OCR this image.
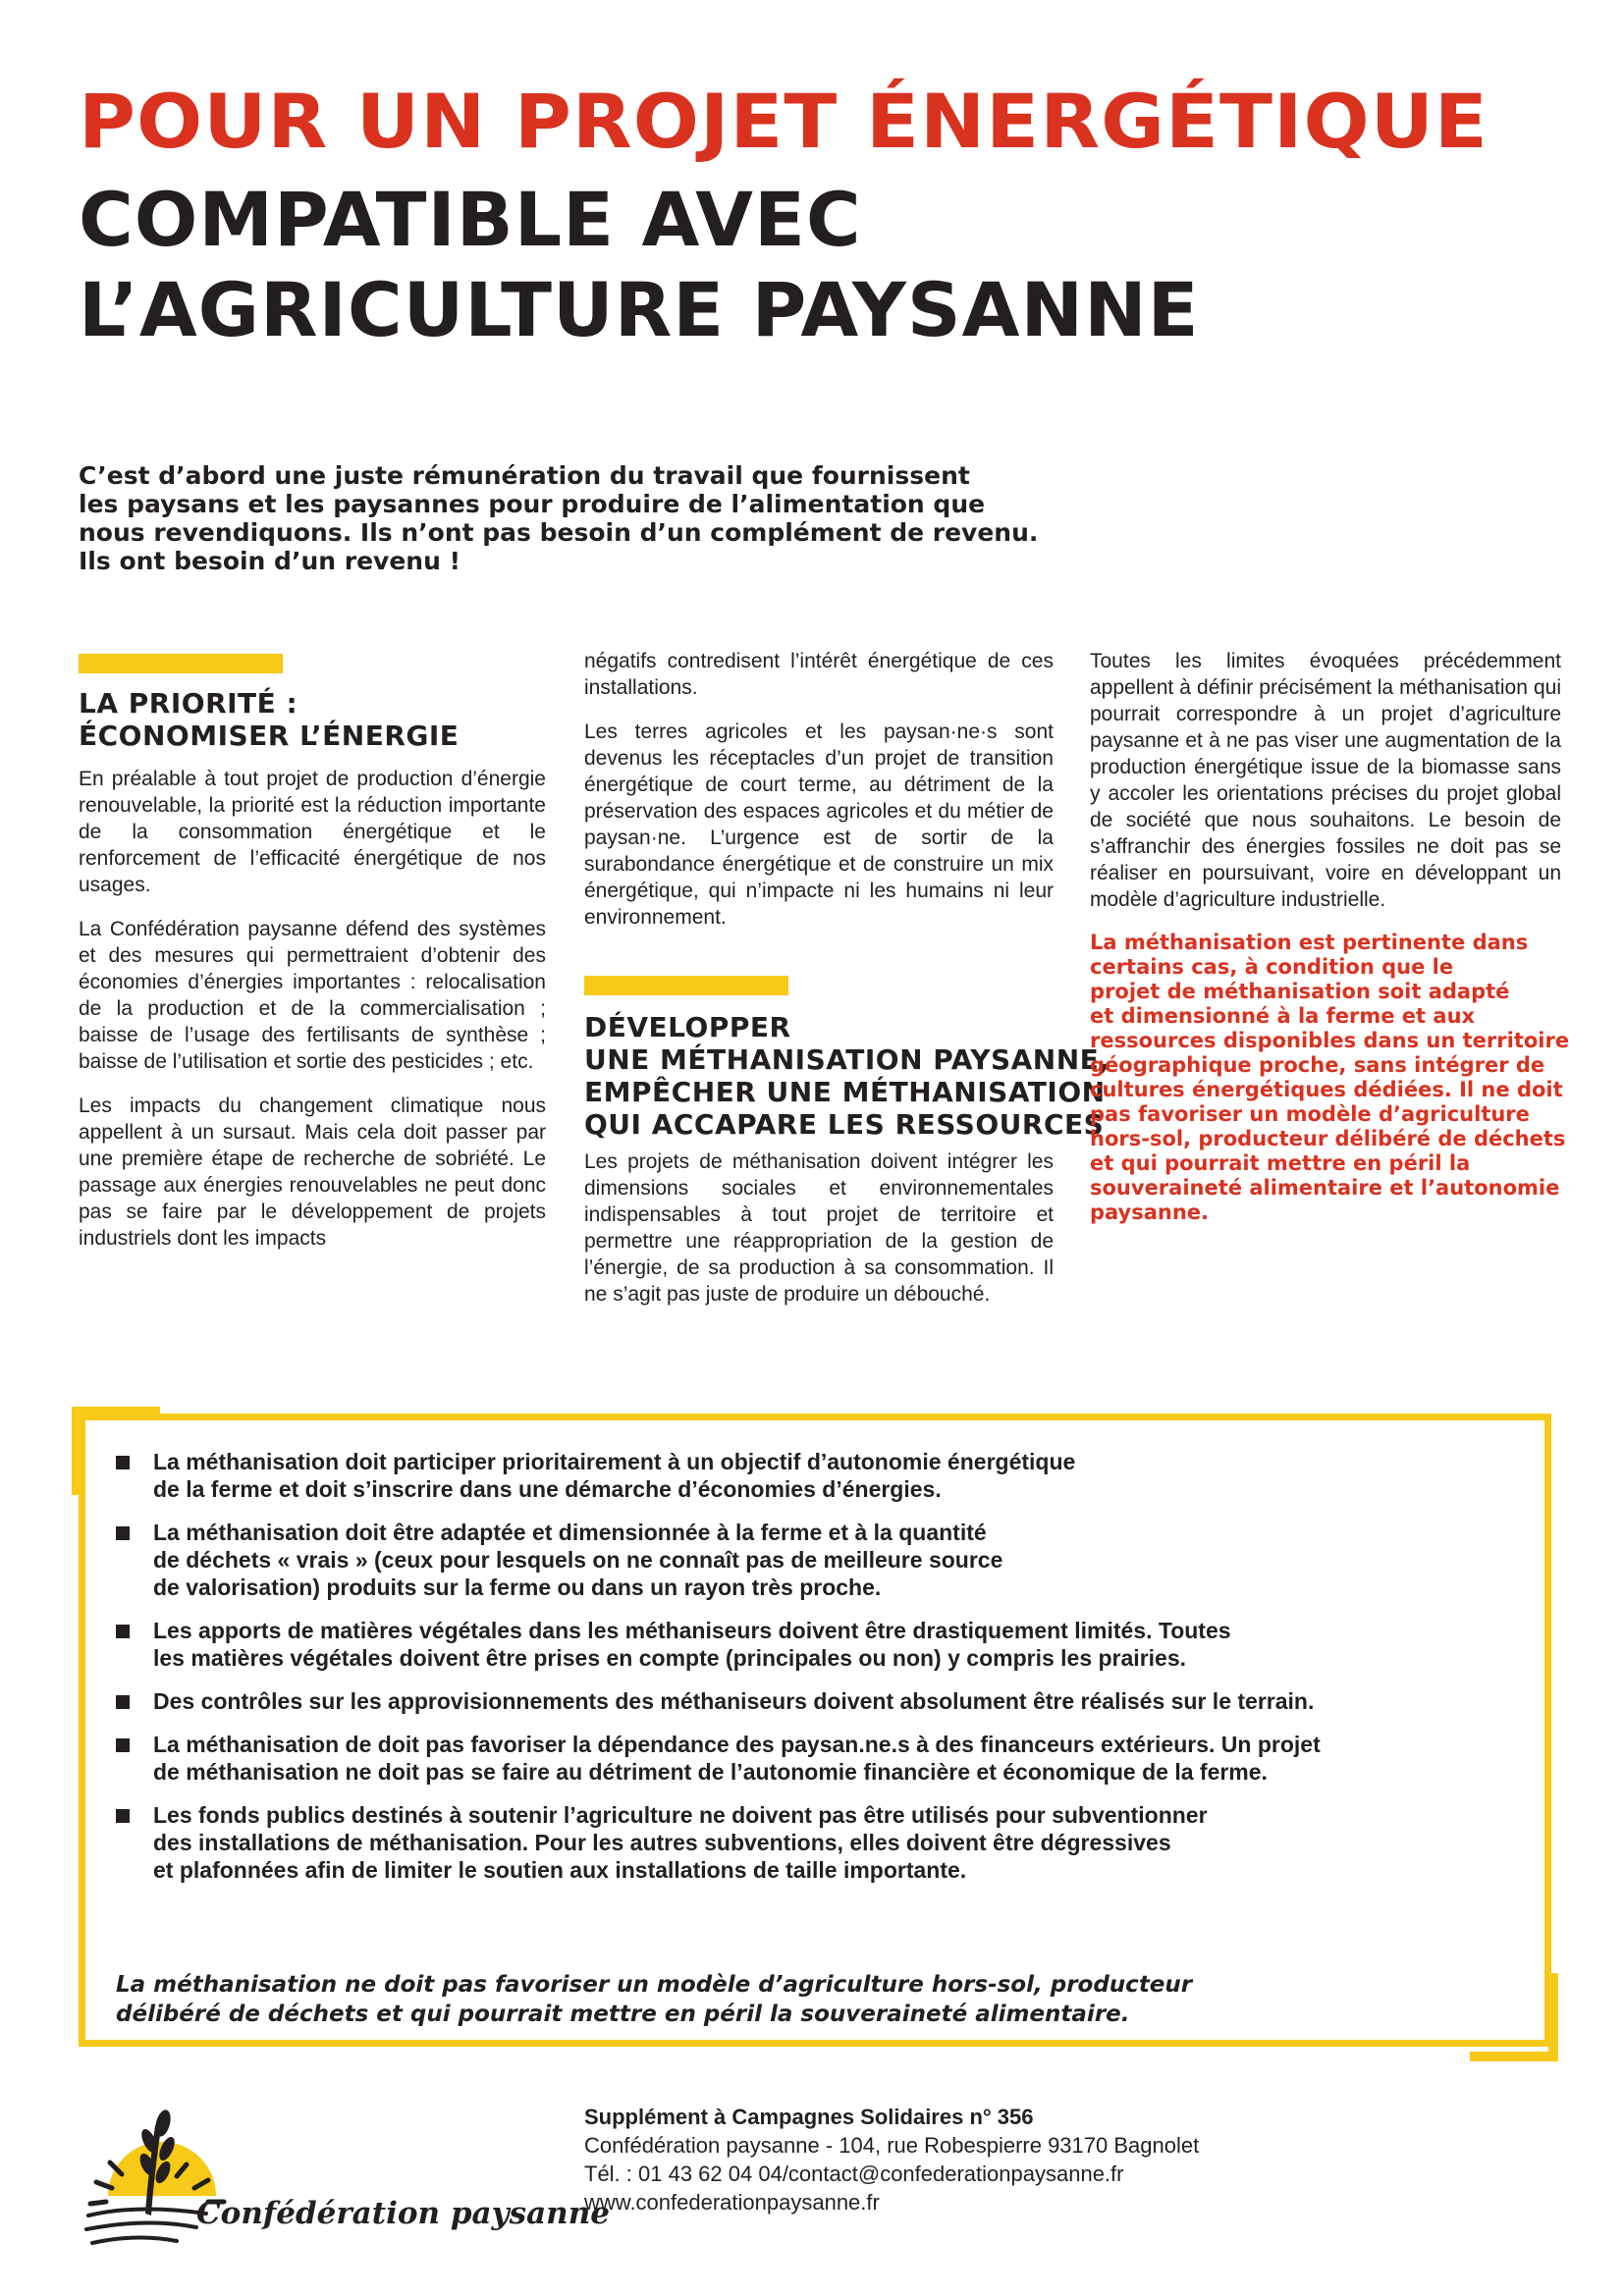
POUR UN PROJET ÉNERGÉTIQUE
COMPATIBLE AVEC
L’AGRICULTURE PAYSANNE
C’est d’abord une juste rémunération du travail que fournissent
les paysans et les paysannes pour produire de l’alimentation que
nous revendiquons. Ils n’ont pas besoin d’un complément de revenu.
Ils ont besoin d’un revenu !
LA PRIORITÉ :
ÉCONOMISER L’ÉNERGIE

En préalable à tout projet de production d’énergie renouvelable, la priorité est la réduction importante de la consommation énergétique et le renforcement de l’efficacité énergétique de nos usages.

La Confédération paysanne défend des systèmes et des mesures qui permettraient d’obtenir des économies d’énergies importantes : relocalisation de la production et de la commercialisation ; baisse de l’usage des fertilisants de synthèse ; baisse de l’utilisation et sortie des pesticides ; etc.

Les impacts du changement climatique nous appellent à un sursaut. Mais cela doit passer par une première étape de recherche de sobriété. Le passage aux énergies renouvelables ne peut donc pas se faire par le développement de projets industriels dont les impacts

négatifs contredisent l’intérêt énergétique de ces installations.

Les terres agricoles et les paysan·ne·s sont devenus les réceptacles d’un projet de transition énergétique de court terme, au détriment de la préservation des espaces agricoles et du métier de paysan·ne. L’urgence est de sortir de la surabondance énergétique et de construire un mix énergétique, qui n’impacte ni les humains ni leur environnement.

DÉVELOPPER
UNE MÉTHANISATION PAYSANNE,
EMPÊCHER UNE MÉTHANISATION
QUI ACCAPARE LES RESSOURCES

Les projets de méthanisation doivent intégrer les dimensions sociales et environnementales indispensables à tout projet de territoire et permettre une réappropriation de la gestion de l’énergie, de sa production à sa consommation. Il ne s’agit pas juste de produire un débouché.

Toutes les limites évoquées précédemment appellent à définir précisément la méthanisation qui pourrait correspondre à un projet d’agriculture paysanne et à ne pas viser une augmentation de la production énergétique issue de la biomasse sans y accoler les orientations précises du projet global de société que nous souhaitons. Le besoin de s’affranchir des énergies fossiles ne doit pas se réaliser en poursuivant, voire en développant un modèle d’agriculture industrielle.

La méthanisation est pertinente dans
certains cas, à condition que le
projet de méthanisation soit adapté
et dimensionné à la ferme et aux
ressources disponibles dans un territoire
géographique proche, sans intégrer de
cultures énergétiques dédiées. Il ne doit
pas favoriser un modèle d’agriculture
hors-sol, producteur délibéré de déchets
et qui pourrait mettre en péril la
souveraineté alimentaire et l’autonomie
paysanne.
La méthanisation doit participer prioritairement à un objectif d’autonomie énergétique
de la ferme et doit s’inscrire dans une démarche d’économies d’énergies.
La méthanisation doit être adaptée et dimensionnée à la ferme et à la quantité
de déchets « vrais » (ceux pour lesquels on ne connaît pas de meilleure source
de valorisation) produits sur la ferme ou dans un rayon très proche.
Les apports de matières végétales dans les méthaniseurs doivent être drastiquement limités. Toutes
les matières végétales doivent être prises en compte (principales ou non) y compris les prairies.
Des contrôles sur les approvisionnements des méthaniseurs doivent absolument être réalisés sur le terrain.
La méthanisation de doit pas favoriser la dépendance des paysan.ne.s à des financeurs extérieurs. Un projet
de méthanisation ne doit pas se faire au détriment de l’autonomie financière et économique de la ferme.
Les fonds publics destinés à soutenir l’agriculture ne doivent pas être utilisés pour subventionner
des installations de méthanisation. Pour les autres subventions, elles doivent être dégressives
et plafonnées afin de limiter le soutien aux installations de taille importante.
La méthanisation ne doit pas favoriser un modèle d’agriculture hors-sol, producteur
délibéré de déchets et qui pourrait mettre en péril la souveraineté alimentaire.
Confédération paysanne
Supplément à Campagnes Solidaires n° 356
Confédération paysanne - 104, rue Robespierre 93170 Bagnolet
Tél. : 01 43 62 04 04/contact@confederationpaysanne.fr
www.confederationpaysanne.fr
